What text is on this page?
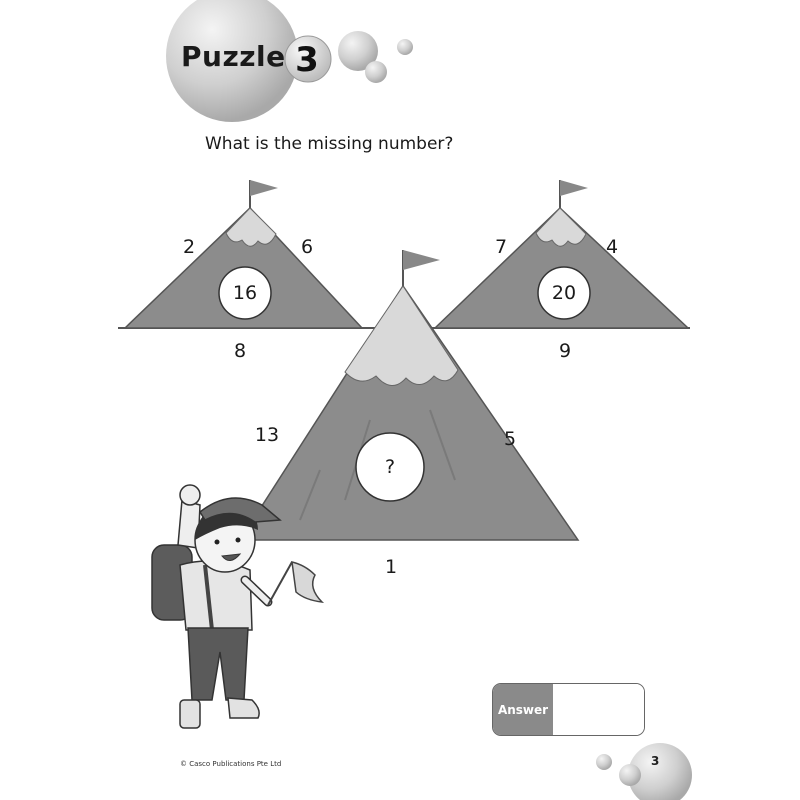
Puzzle 3
What is the missing number?
2	6
16
8
7	4
20
9
13	5
?
1
Answer
© Casco Publications Pte Ltd	3
